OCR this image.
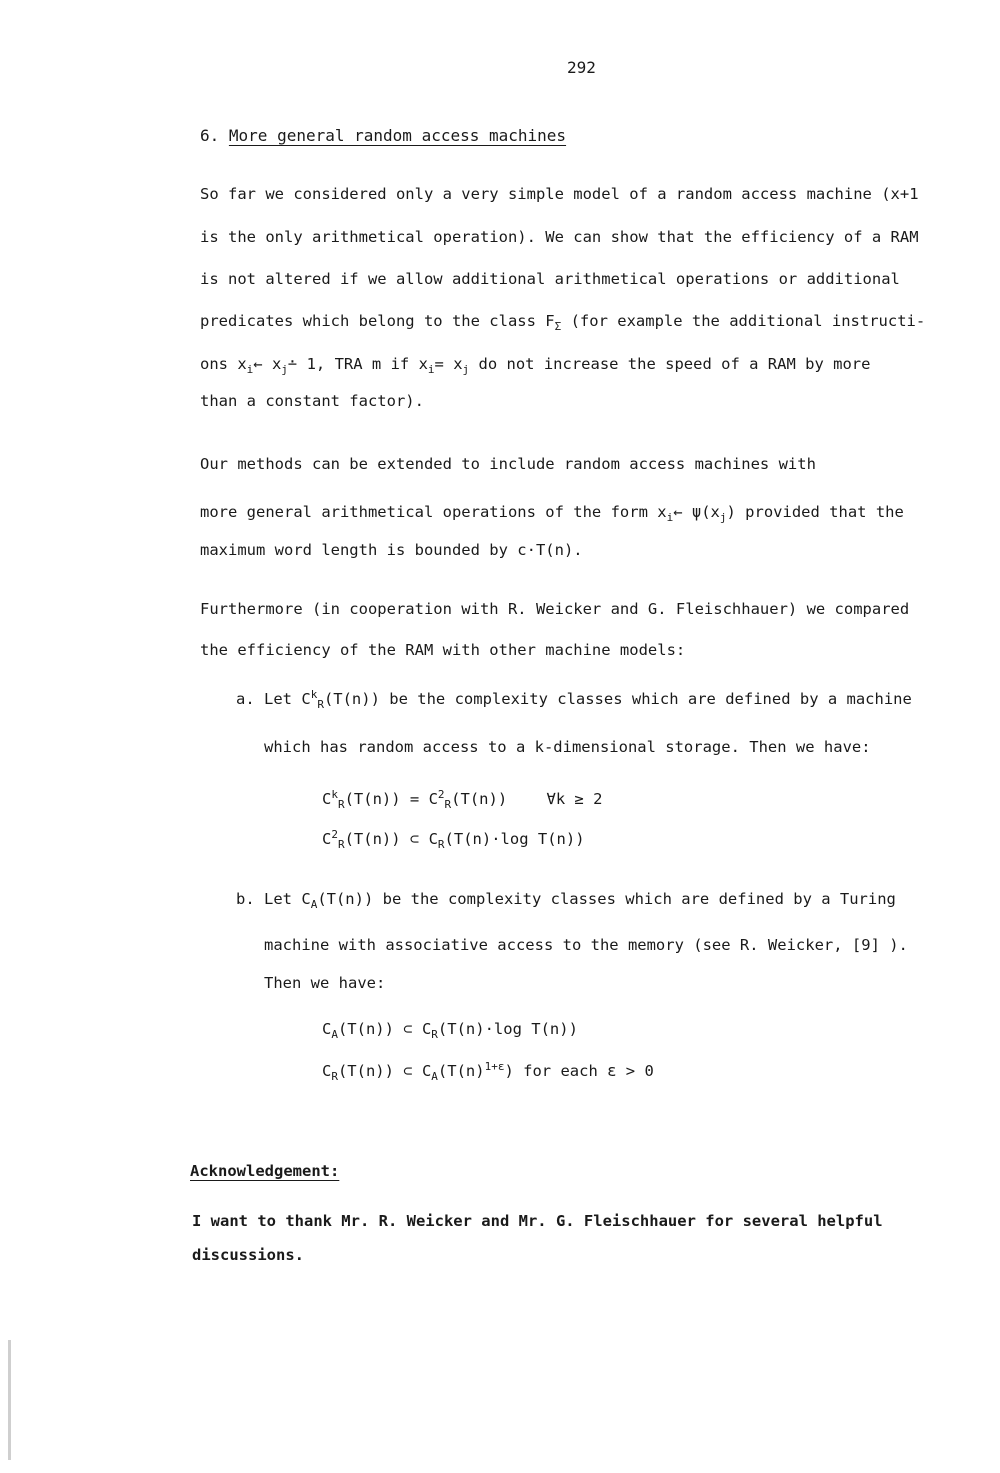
292
6. More general random access machines
So far we considered only a very simple model of a random access machine (x+1
is the only arithmetical operation). We can show that the efficiency of a RAM
is not altered if we allow additional arithmetical operations or additional
predicates which belong to the class $F_\Sigma$ (for example the additional instructi-
ons $x_i\leftarrow$ $x_j∸$ 1, TRA m if $x_i= x_j$ do not increase the speed of a RAM by more
than a constant factor).
Our methods can be extended to include random access machines with
more general arithmetical operations of the form $x_i\leftarrow$ $\psi(x_j)$ provided that the
maximum word length is bounded by c·T(n).
Furthermore (in cooperation with R. Weicker and G. Fleischhauer) we compared
the efficiency of the RAM with other machine models:
a. Let $C^k_R(T(n))$ be the complexity classes which are defined by a machine
which has random access to a k-dimensional storage. Then we have:
$C^k_R(T(n)) = C^2_R(T(n))$	∀k ≥ 2
$C^2_R(T(n))$ ⊂ $C_R(T(n)\cdot\log$ T(n))
b. Let $C_A(T(n))$ be the complexity classes which are defined by a Turing
machine with associative access to the memory (see R. Weicker, [9] ).
Then we have:
$C_A(T(n))$ ⊂ $C_R(T(n)\cdot\log$ T(n))
$C_R(T(n))$ ⊂ $C_A(T(n)^{1+\varepsilon})$ for each ε > 0
Acknowledgement:
I want to thank Mr. R. Weicker and Mr. G. Fleischhauer for several helpful
discussions.
